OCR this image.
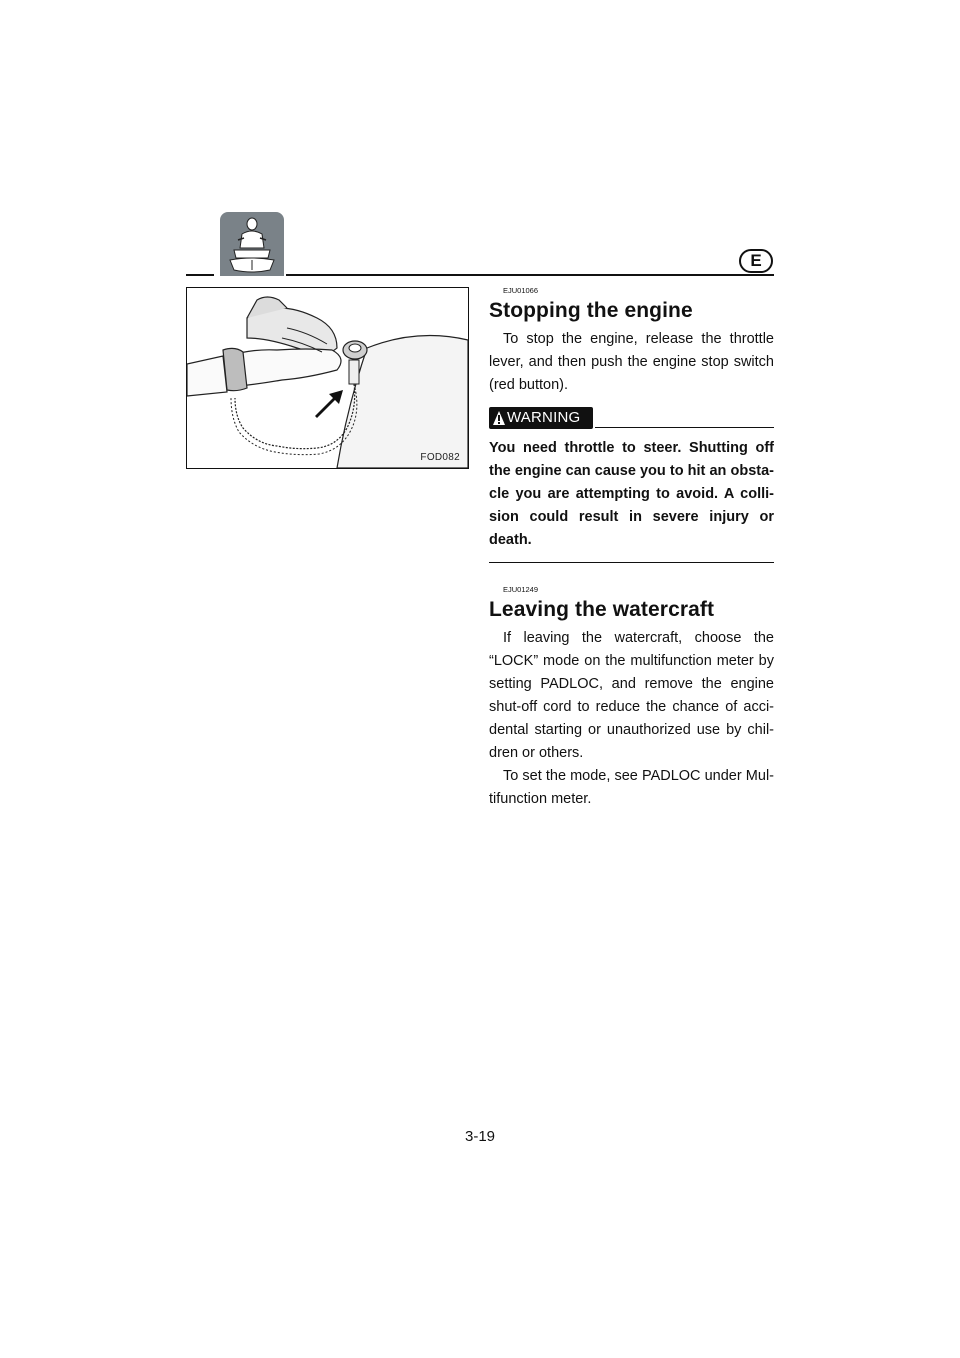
E
FOD082

EJU01066

Stopping the engine

To stop the engine, release the throttle lever, and then push the engine stop switch (red button).

WARNING

You need throttle to steer. Shutting off the engine can cause you to hit an obsta-cle you are attempting to avoid. A colli-sion could result in severe injury or death.

EJU01249

Leaving the watercraft

If leaving the watercraft, choose the “LOCK” mode on the multifunction meter by setting PADLOC, and remove the engine shut-off cord to reduce the chance of acci-dental starting or unauthorized use by chil-dren or others.

To set the mode, see PADLOC under Mul-tifunction meter.

3-19
